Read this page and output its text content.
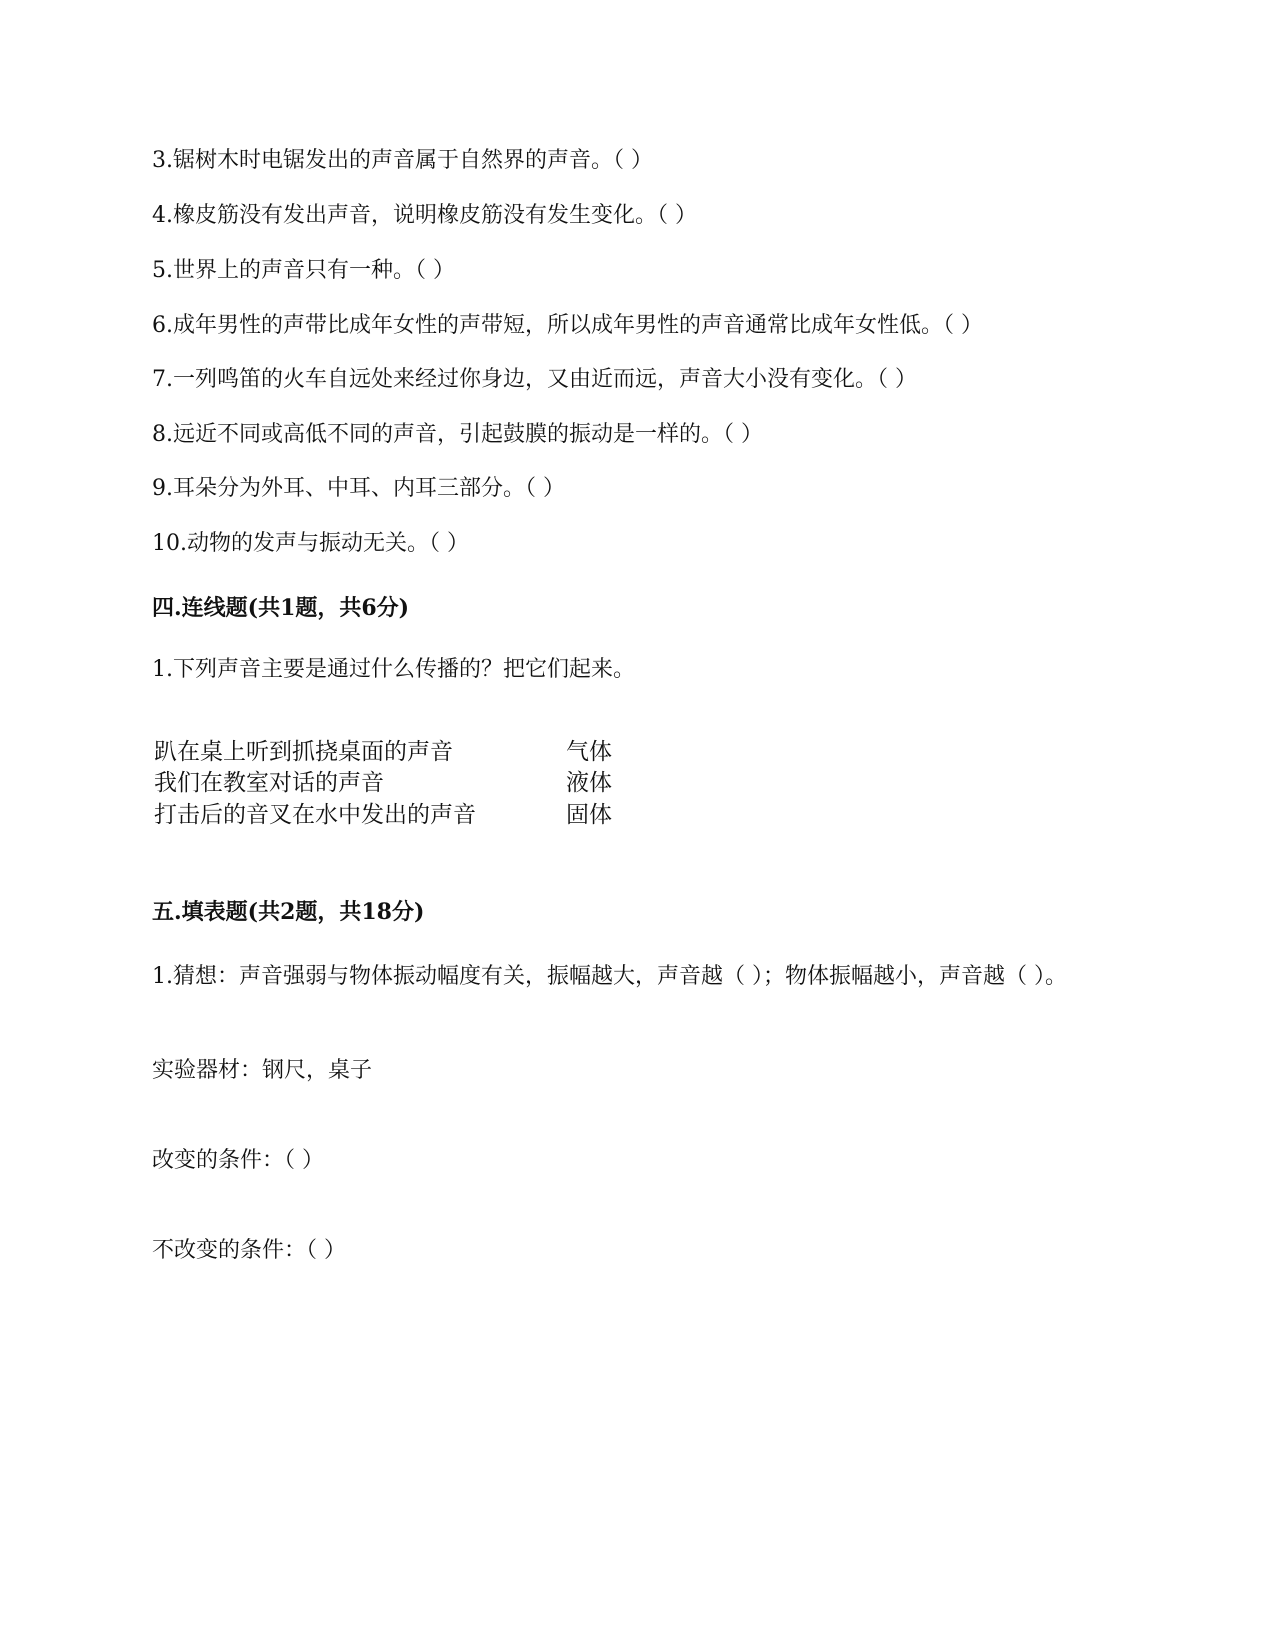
3.锯树木时电锯发出的声音属于自然界的声音。（ ）
4.橡皮筋没有发出声音，说明橡皮筋没有发生变化。（ ）
5.世界上的声音只有一种。（ ）
6.成年男性的声带比成年女性的声带短，所以成年男性的声音通常比成年女性低。（ ）
7.一列鸣笛的火车自远处来经过你身边，又由近而远，声音大小没有变化。（ ）
8.远近不同或高低不同的声音，引起鼓膜的振动是一样的。（ ）
9.耳朵分为外耳、中耳、内耳三部分。（ ）
10.动物的发声与振动无关。（ ）
四.连线题(共1题，共6分)
1.下列声音主要是通过什么传播的？把它们起来。
趴在桌上听到抓挠桌面的声音
我们在教室对话的声音
打击后的音叉在水中发出的声音
气体
液体
固体
五.填表题(共2题，共18分)
1.猜想：声音强弱与物体振动幅度有关，振幅越大，声音越（ ）；物体振幅越小，声音越（ ）。
实验器材：钢尺，桌子
改变的条件：（ ）
不改变的条件：（ ）
